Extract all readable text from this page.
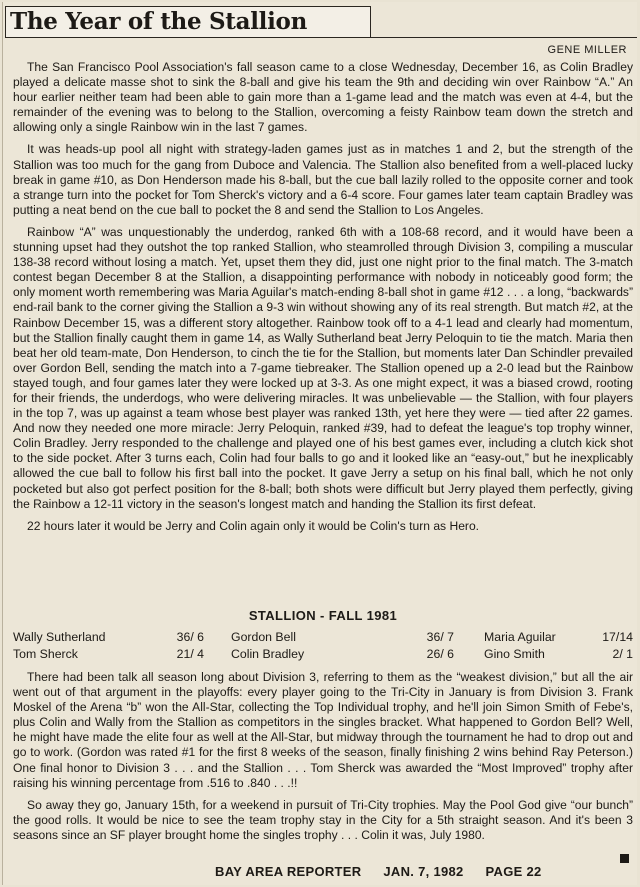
The Year of the Stallion
GENE MILLER

The San Francisco Pool Association's fall season came to a close Wednesday, December 16, as Colin Bradley played a delicate masse shot to sink the 8-ball and give his team the 9th and deciding win over Rainbow “A.” An hour earlier neither team had been able to gain more than a 1-game lead and the match was even at 4-4, but the remainder of the evening was to belong to the Stallion, overcoming a feisty Rainbow team down the stretch and allowing only a single Rainbow win in the last 7 games.

It was heads-up pool all night with strategy-laden games just as in matches 1 and 2, but the strength of the Stallion was too much for the gang from Duboce and Valencia. The Stallion also benefited from a well-placed lucky break in game #10, as Don Henderson made his 8-ball, but the cue ball lazily rolled to the opposite corner and took a strange turn into the pocket for Tom Sherck's victory and a 6-4 score. Four games later team captain Bradley was putting a neat bend on the cue ball to pocket the 8 and send the Stallion to Los Angeles.

Rainbow “A” was unquestionably the underdog, ranked 6th with a 108-68 record, and it would have been a stunning upset had they outshot the top ranked Stallion, who steamrolled through Division 3, compiling a muscular 138-38 record without losing a match. Yet, upset them they did, just one night prior to the final match. The 3-match contest began December 8 at the Stallion, a disappointing performance with nobody in noticeably good form; the only moment worth remembering was Maria Aguilar's match-ending 8-ball shot in game #12 . . . a long, “backwards” end-rail bank to the corner giving the Stallion a 9-3 win without showing any of its real strength. But match #2, at the Rainbow December 15, was a different story altogether. Rainbow took off to a 4-1 lead and clearly had momentum, but the Stallion finally caught them in game 14, as Wally Sutherland beat Jerry Peloquin to tie the match. Maria then beat her old team-mate, Don Henderson, to cinch the tie for the Stallion, but moments later Dan Schindler prevailed over Gordon Bell, sending the match into a 7-game tiebreaker. The Stallion opened up a 2-0 lead but the Rainbow stayed tough, and four games later they were locked up at 3-3. As one might expect, it was a biased crowd, rooting for their friends, the underdogs, who were delivering miracles. It was unbelievable — the Stallion, with four players in the top 7, was up against a team whose best player was ranked 13th, yet here they were — tied after 22 games. And now they needed one more miracle: Jerry Peloquin, ranked #39, had to defeat the league's top trophy winner, Colin Bradley. Jerry responded to the challenge and played one of his best games ever, including a clutch kick shot to the side pocket. After 3 turns each, Colin had four balls to go and it looked like an “easy-out,” but he inexplicably allowed the cue ball to follow his first ball into the pocket. It gave Jerry a setup on his final ball, which he not only pocketed but also got perfect position for the 8-ball; both shots were difficult but Jerry played them perfectly, giving the Rainbow a 12-11 victory in the season's longest match and handing the Stallion its first defeat.

22 hours later it would be Jerry and Colin again only it would be Colin's turn as Hero.

STALLION - FALL 1981
Wally Sutherland	36/ 6 Gordon Bell	36/ 7 Maria Aguilar	17/14
Tom Sherck	21/ 4 Colin Bradley	26/ 6 Gino Smith	2/ 1

There had been talk all season long about Division 3, referring to them as the “weakest division,” but all the air went out of that argument in the playoffs: every player going to the Tri-City in January is from Division 3. Frank Moskel of the Arena “b” won the All-Star, collecting the Top Individual trophy, and he'll join Simon Smith of Febe's, plus Colin and Wally from the Stallion as competitors in the singles bracket. What happened to Gordon Bell? Well, he might have made the elite four as well at the All-Star, but midway through the tournament he had to drop out and go to work. (Gordon was rated #1 for the first 8 weeks of the season, finally finishing 2 wins behind Ray Peterson.) One final honor to Division 3 . . . and the Stallion . . . Tom Sherck was awarded the “Most Improved” trophy after raising his winning percentage from .516 to .840 . . .!!

So away they go, January 15th, for a weekend in pursuit of Tri-City trophies. May the Pool God give “our bunch” the good rolls. It would be nice to see the team trophy stay in the City for a 5th straight season. And it's been 3 seasons since an SF player brought home the singles trophy . . . Colin it was, July 1980.

BAY AREA REPORTER JAN. 7, 1982 PAGE 22
